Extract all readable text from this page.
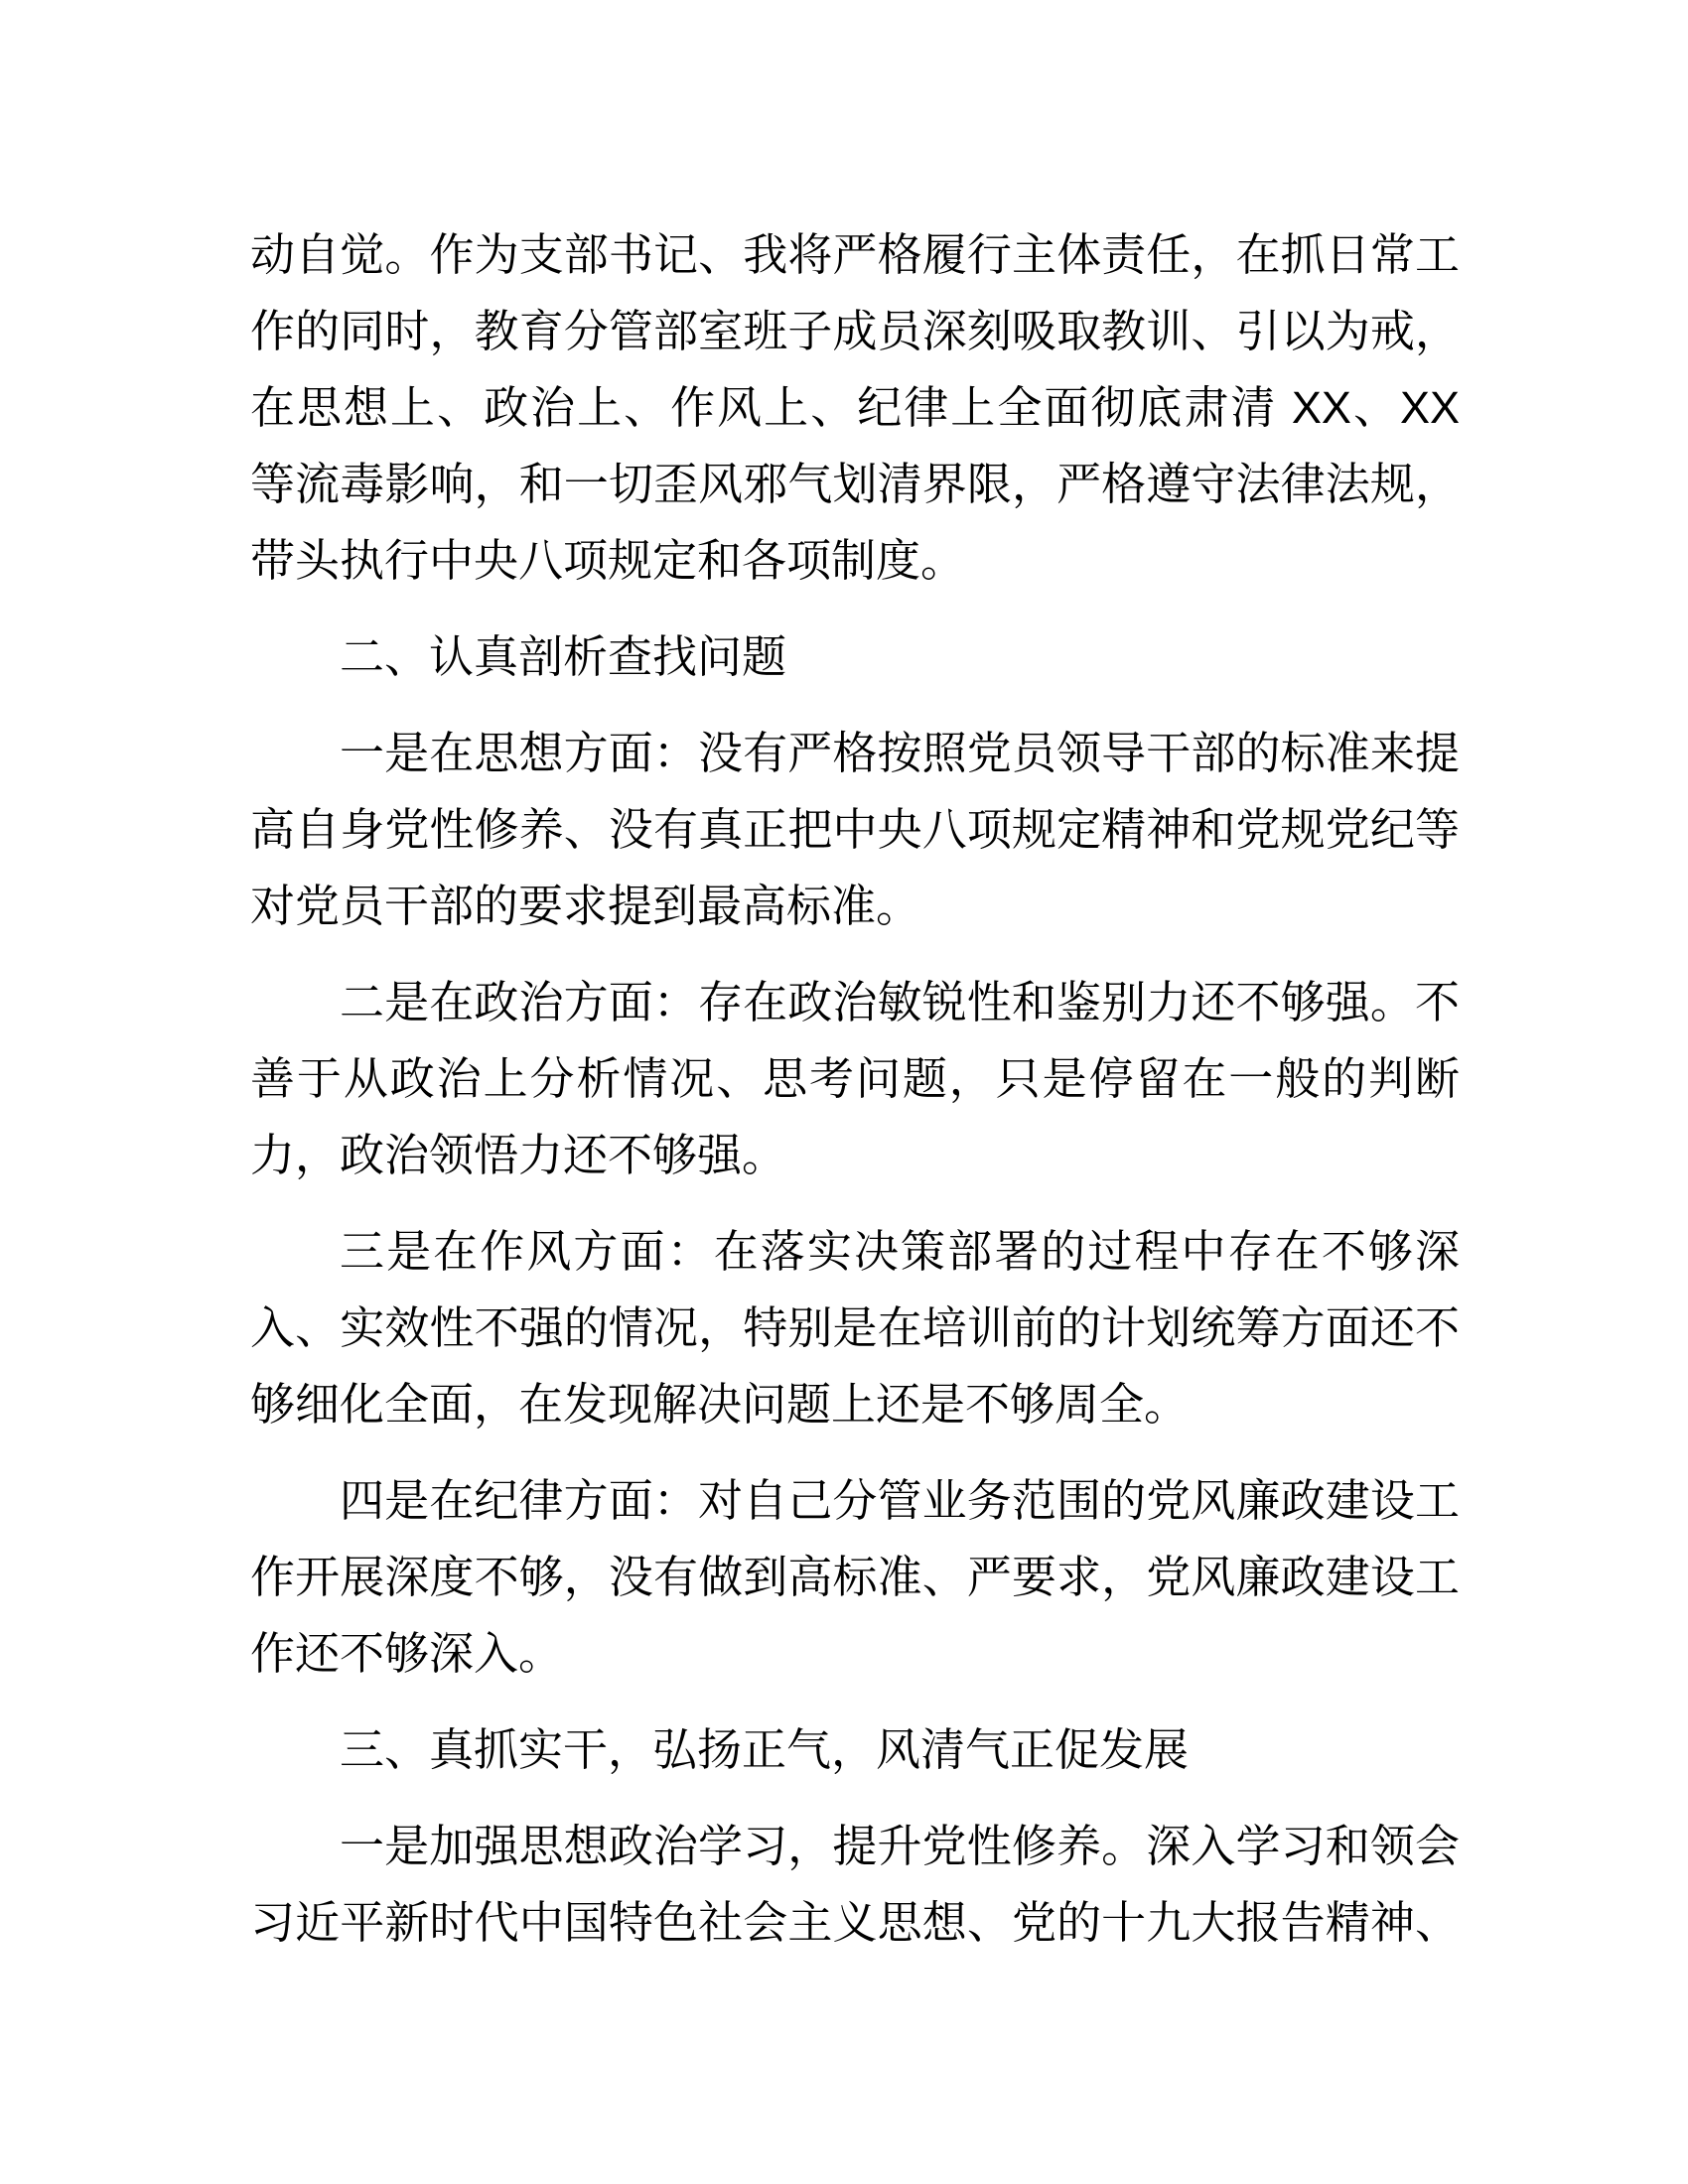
动自觉。作为支部书记、我将严格履行主体责任，在抓日常工
作的同时，教育分管部室班子成员深刻吸取教训、引以为戒，
在思想上、政治上、作风上、纪律上全面彻底肃清 XX、XX
等流毒影响，和一切歪风邪气划清界限，严格遵守法律法规，
带头执行中央八项规定和各项制度。
二、认真剖析查找问题
一是在思想方面：没有严格按照党员领导干部的标准来提
高自身党性修养、没有真正把中央八项规定精神和党规党纪等
对党员干部的要求提到最高标准。
二是在政治方面：存在政治敏锐性和鉴别力还不够强。不
善于从政治上分析情况、思考问题，只是停留在一般的判断
力，政治领悟力还不够强。
三是在作风方面：在落实决策部署的过程中存在不够深
入、实效性不强的情况，特别是在培训前的计划统筹方面还不
够细化全面，在发现解决问题上还是不够周全。
四是在纪律方面：对自己分管业务范围的党风廉政建设工
作开展深度不够，没有做到高标准、严要求，党风廉政建设工
作还不够深入。
三、真抓实干，弘扬正气，风清气正促发展
一是加强思想政治学习，提升党性修养。深入学习和领会
习近平新时代中国特色社会主义思想、党的十九大报告精神、
